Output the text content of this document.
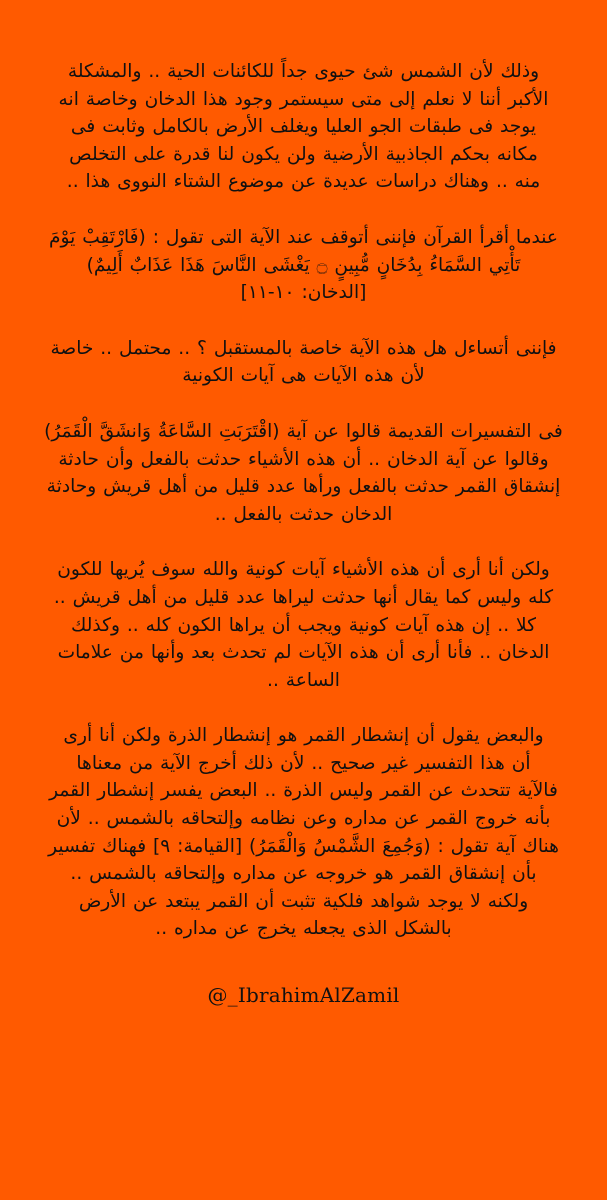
وذلك لأن الشمس شئ حيوى جداً للكائنات الحية .. والمشكلة
الأكبر أننا لا نعلم إلى متى سيستمر وجود هذا الدخان وخاصة انه
يوجد فى طبقات الجو العليا ويغلف الأرض بالكامل وثابت فى
مكانه بحكم الجاذبية الأرضية ولن يكون لنا قدرة على التخلص
منه .. وهناك دراسات عديدة عن موضوع الشتاء النووى هذا ..

عندما أقرأ القرآن فإننى أتوقف عند الآية التى تقول : (فَارْتَقِبْ يَوْمَ
تَأْتِي السَّمَاءُ بِدُخَانٍ مُّبِينٍ ۝ يَغْشَى النَّاسَ هَذَا عَذَابٌ أَلِيمٌ)
[الدخان: ١٠-١١]

فإننى أتساءل هل هذه الآية خاصة بالمستقبل ؟ .. محتمل .. خاصة
لأن هذه الآيات هى آيات الكونية

فى التفسيرات القديمة قالوا عن آية (اقْتَرَبَتِ السَّاعَةُ وَانشَقَّ الْقَمَرُ)
وقالوا عن آية الدخان .. أن هذه الأشياء حدثت بالفعل وأن حادثة
إنشقاق القمر حدثت بالفعل ورأها عدد قليل من أهل قريش وحادثة
الدخان حدثت بالفعل ..

ولكن أنا أرى أن هذه الأشياء آيات كونية والله سوف يُريها للكون
كله وليس كما يقال أنها حدثت ليراها عدد قليل من أهل قريش ..
كلا .. إن هذه آيات كونية ويجب أن يراها الكون كله .. وكذلك
الدخان .. فأنا أرى أن هذه الآيات لم تحدث بعد وأنها من علامات
الساعة ..

والبعض يقول أن إنشطار القمر هو إنشطار الذرة ولكن أنا أرى
أن هذا التفسير غير صحيح .. لأن ذلك أخرج الآية من معناها
فالآية تتحدث عن القمر وليس الذرة .. البعض يفسر إنشطار القمر
بأنه خروج القمر عن مداره وعن نظامه وإلتحاقه بالشمس .. لأن
هناك آية تقول : (وَجُمِعَ الشَّمْسُ وَالْقَمَرُ) [القيامة: ٩] فهناك تفسير
بأن إنشقاق القمر هو خروجه عن مداره وإلتحاقه بالشمس ..
ولكنه لا يوجد شواهد فلكية تثبت أن القمر يبتعد عن الأرض
بالشكل الذى يجعله يخرج عن مداره ..

@_IbrahimAlZamil
